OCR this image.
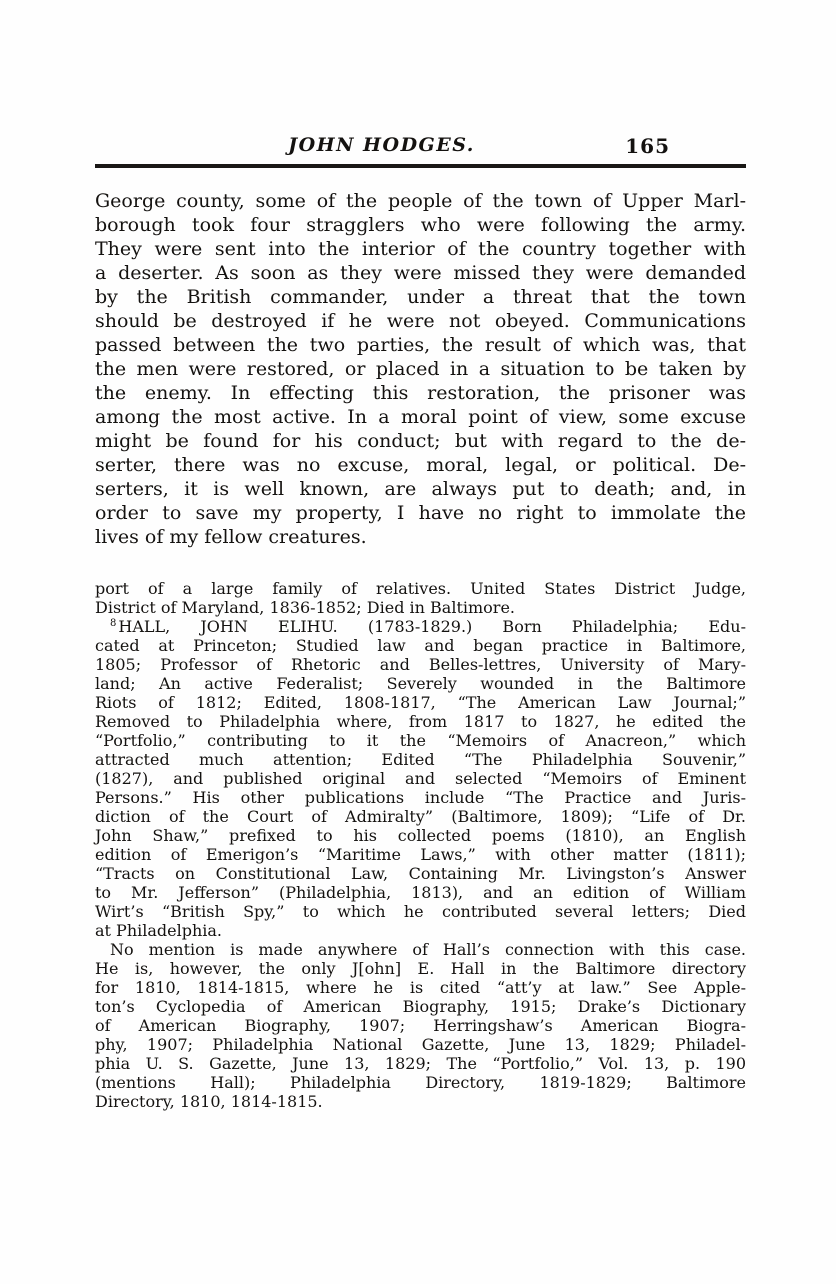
JOHN HODGES.	165
George county, some of the people of the town of Upper Marl-
borough took four stragglers who were following the army.
They were sent into the interior of the country together with
a deserter. As soon as they were missed they were demanded
by the British commander, under a threat that the town
should be destroyed if he were not obeyed. Communications
passed between the two parties, the result of which was, that
the men were restored, or placed in a situation to be taken by
the enemy. In effecting this restoration, the prisoner was
among the most active. In a moral point of view, some excuse
might be found for his conduct; but with regard to the de-
serter, there was no excuse, moral, legal, or political. De-
serters, it is well known, are always put to death; and, in
order to save my property, I have no right to immolate the
lives of my fellow creatures.
port of a large family of relatives. United States District Judge,
District of Maryland, 1836-1852; Died in Baltimore.
$^8$ HALL, JOHN ELIHU. (1783-1829.) Born Philadelphia; Edu-
cated at Princeton; Studied law and began practice in Baltimore,
1805; Professor of Rhetoric and Belles-lettres, University of Mary-
land; An active Federalist; Severely wounded in the Baltimore
Riots of 1812; Edited, 1808-1817, “The American Law Journal;”
Removed to Philadelphia where, from 1817 to 1827, he edited the
“Portfolio,” contributing to it the “Memoirs of Anacreon,” which
attracted much attention; Edited “The Philadelphia Souvenir,”
(1827), and published original and selected “Memoirs of Eminent
Persons.” His other publications include “The Practice and Juris-
diction of the Court of Admiralty” (Baltimore, 1809); “Life of Dr.
John Shaw,” prefixed to his collected poems (1810), an English
edition of Emerigon’s “Maritime Laws,” with other matter (1811);
“Tracts on Constitutional Law, Containing Mr. Livingston’s Answer
to Mr. Jefferson” (Philadelphia, 1813), and an edition of William
Wirt’s “British Spy,” to which he contributed several letters; Died
at Philadelphia.
No mention is made anywhere of Hall’s connection with this case.
He is, however, the only J[ohn] E. Hall in the Baltimore directory
for 1810, 1814-1815, where he is cited “att’y at law.” See Apple-
ton’s Cyclopedia of American Biography, 1915; Drake’s Dictionary
of American Biography, 1907; Herringshaw’s American Biogra-
phy, 1907; Philadelphia National Gazette, June 13, 1829; Philadel-
phia U. S. Gazette, June 13, 1829; The “Portfolio,” Vol. 13, p. 190
(mentions Hall); Philadelphia Directory, 1819-1829; Baltimore
Directory, 1810, 1814-1815.
